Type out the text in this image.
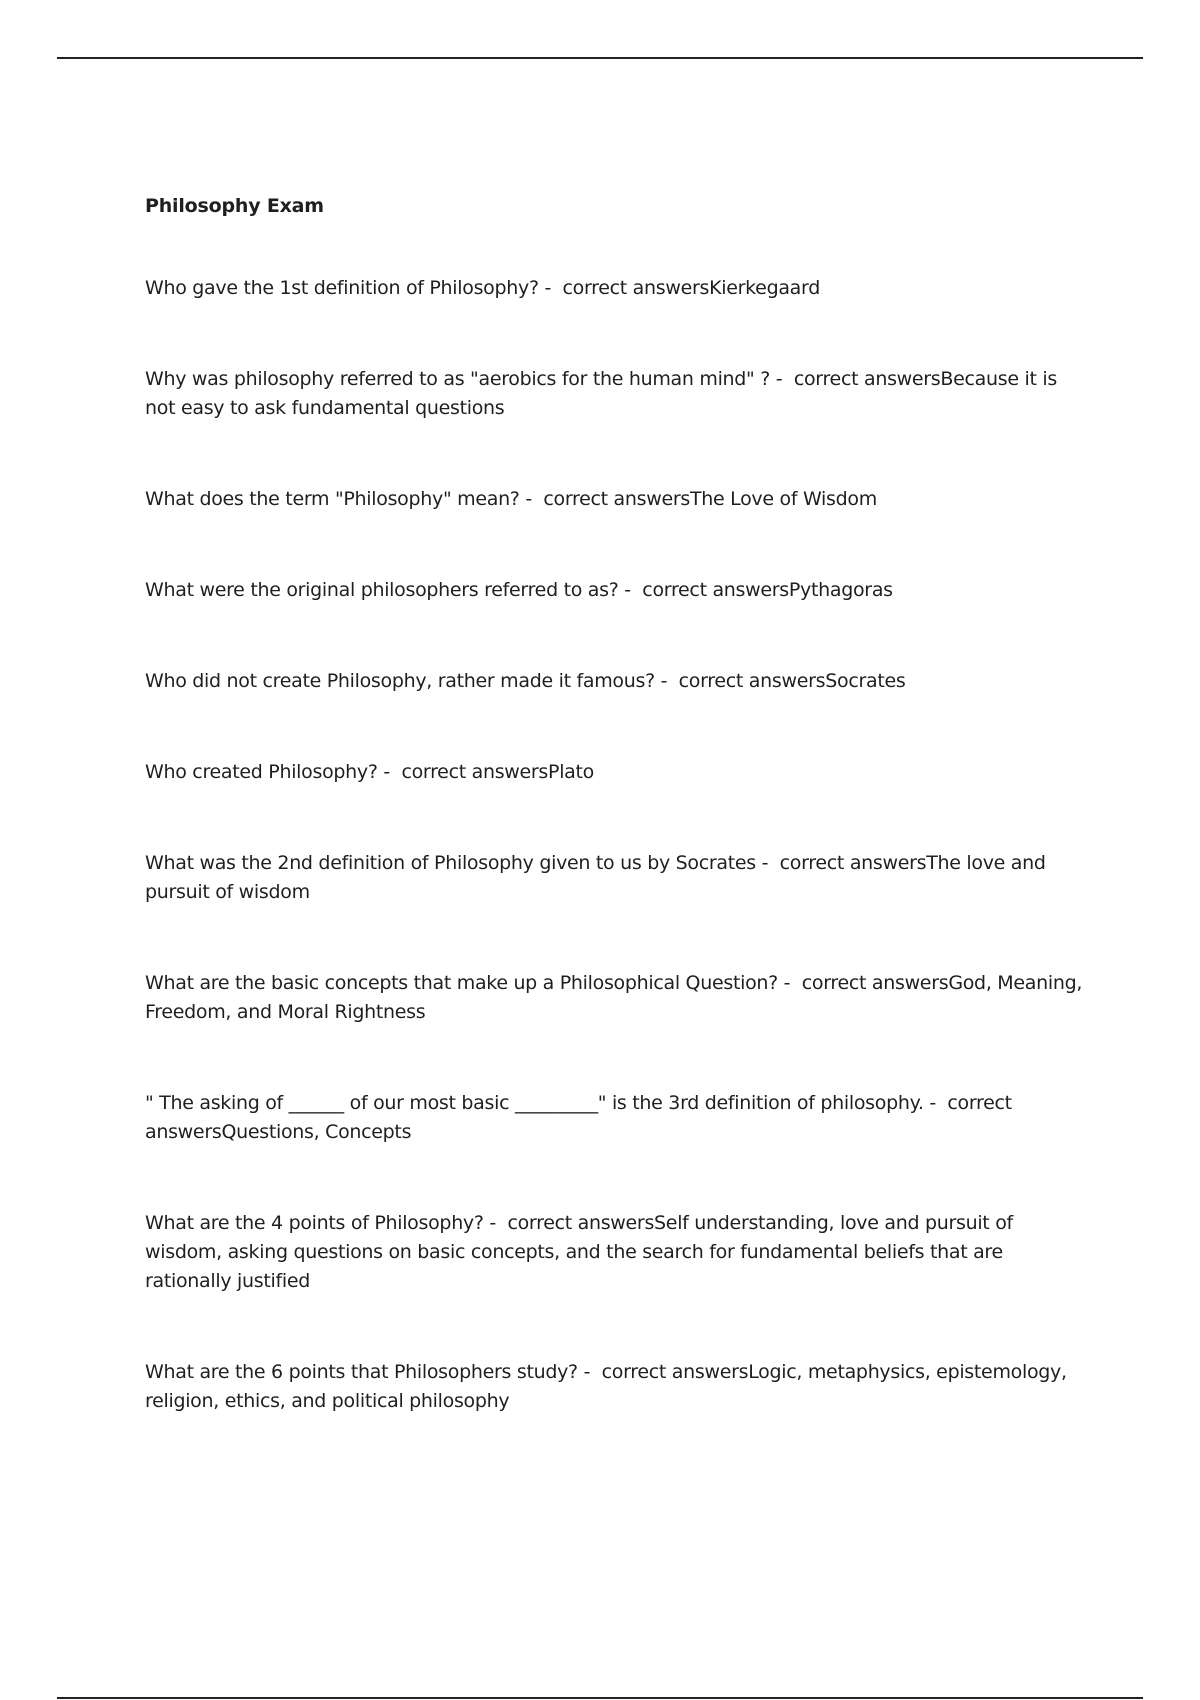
Philosophy Exam
Who gave the 1st definition of Philosophy? -  correct answersKierkegaard
Why was philosophy referred to as "aerobics for the human mind" ? -  correct answersBecause it is not easy to ask fundamental questions
What does the term "Philosophy" mean? -  correct answersThe Love of Wisdom
What were the original philosophers referred to as? -  correct answersPythagoras
Who did not create Philosophy, rather made it famous? -  correct answersSocrates
Who created Philosophy? -  correct answersPlato
What was the 2nd definition of Philosophy given to us by Socrates -  correct answersThe love and pursuit of wisdom
What are the basic concepts that make up a Philosophical Question? -  correct answersGod, Meaning, Freedom, and Moral Rightness
" The asking of ______ of our most basic _________" is the 3rd definition of philosophy. -  correct answersQuestions, Concepts
What are the 4 points of Philosophy? -  correct answersSelf understanding, love and pursuit of wisdom, asking questions on basic concepts, and the search for fundamental beliefs that are rationally justified
What are the 6 points that Philosophers study? -  correct answersLogic, metaphysics, epistemology, religion, ethics, and political philosophy
